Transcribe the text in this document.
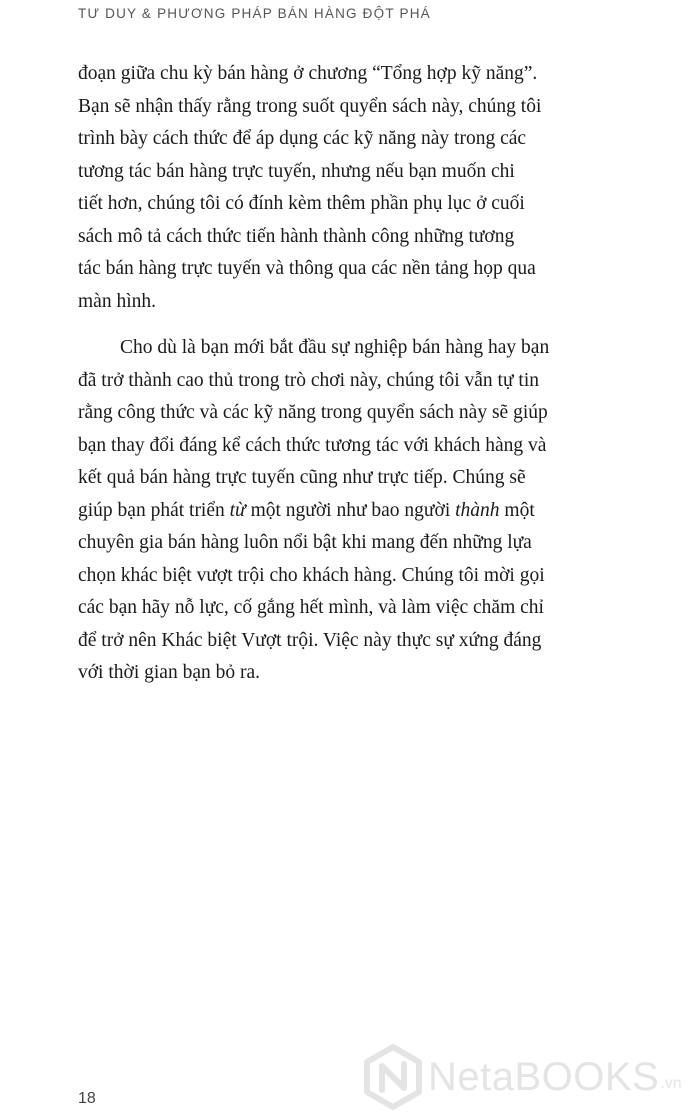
TƯ DUY & PHƯƠNG PHÁP BÁN HÀNG ĐỘT PHÁ

đoạn giữa chu kỳ bán hàng ở chương “Tổng hợp kỹ năng”.
Bạn sẽ nhận thấy rằng trong suốt quyển sách này, chúng tôi
trình bày cách thức để áp dụng các kỹ năng này trong các
tương tác bán hàng trực tuyến, nhưng nếu bạn muốn chi
tiết hơn, chúng tôi có đính kèm thêm phần phụ lục ở cuối
sách mô tả cách thức tiến hành thành công những tương
tác bán hàng trực tuyến và thông qua các nền tảng họp qua
màn hình.

Cho dù là bạn mới bắt đầu sự nghiệp bán hàng hay bạn
đã trở thành cao thủ trong trò chơi này, chúng tôi vẫn tự tin
rằng công thức và các kỹ năng trong quyển sách này sẽ giúp
bạn thay đổi đáng kể cách thức tương tác với khách hàng và
kết quả bán hàng trực tuyến cũng như trực tiếp. Chúng sẽ
giúp bạn phát triển từ một người như bao người thành một
chuyên gia bán hàng luôn nổi bật khi mang đến những lựa
chọn khác biệt vượt trội cho khách hàng. Chúng tôi mời gọi
các bạn hãy nỗ lực, cố gắng hết mình, và làm việc chăm chỉ
để trở nên Khác biệt Vượt trội. Việc này thực sự xứng đáng
với thời gian bạn bỏ ra.

18	NetaBOOKS .vn
